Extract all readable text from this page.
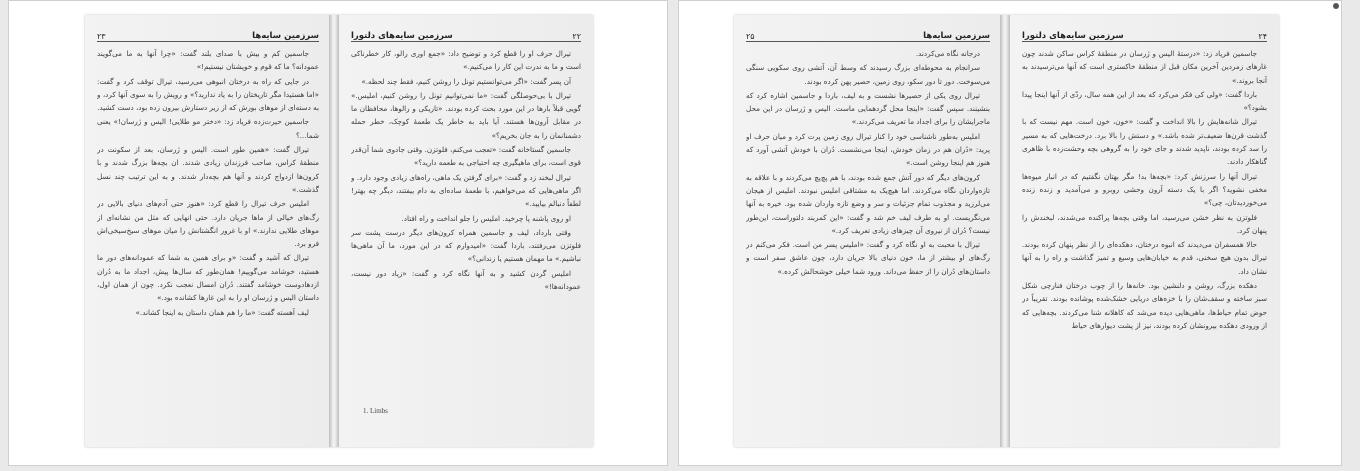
سرزمین سایه‌ها
۲۳

جاسمین کم و بیش با صدای بلند گفت: «چرا آنها به ما می‌گویند عمودانه؟ ما که قوم و خویشتان نیستیم!»

در جایی که راه به درختان انبوهی می‌رسید، تیرال توقف کرد و گفت: «اما هستیدا مگر تاریختان را به یاد ندارید؟» و رویش را به سوی آنها کرد، و به دسته‌ای از موهای بورش که از زیر دستارش بیرون زده بود، دست کشید.

جاسمین حیرت‌زده فریاد زد: «دختر مو طلایی! الیس و ژرسان!» یعنی شما...؟

تیرال گفت: «همین طور است. الیس و ژرسان، بعد از سکونت در منطقهٔ کراس، صاحب فرزندان زیادی شدند. ان بچه‌ها بزرگ شدند و با کرون‌ها ازدواج کردند و آنها هم بچه‌دار شدند. و به این ترتیب چند نسل گذشت.»

املیس حرف تیرال را قطع کرد: «هنوز حتی آدم‌های دنیای بالایی در رگ‌های خیالی از ماها جریان دارد. حتی انهایی که مثل من نشانه‌ای از موهای طلایی ندارند.» او با غرور انگشتانش را میان موهای سیخ‌سیخی‌اش فرو برد.

تیرال که آشید و گفت: «و برای همین به شما که عمودانه‌های دور ما هستید، خوشامد می‌گوییم! همان‌طور که سال‌ها پیش، اجداد ما به دُران ازدهادوست خوشامد گفتند. دُران امسال نعجب نکرد. چون از همان اول، داستان الیس و ژرسان او را به این غارها کشانده بود.»

لیف آهسته گفت: «ما را هم همان داستان به اینجا کشاند.»

۲۲
سرزمین سایه‌های دلتورا

تیرال حرف او را قطع کرد و توضیح داد: «جمع اوری رالو، کار خطرناکی است و ما به ندرت این کار را می‌کنیم.»

آن پسر گفت: «اگر می‌توانستیم تونل را روشن کنیم، فقط چند لحظه.»

تیرال با بی‌حوصلگی گفت: «ما نمی‌توانیم تونل را روشن کنیم، املیس.» گویی قبلاً بارها در این مورد بحث کرده بودند. «تاریکی و رالوها، محافظان ما در مقابل آرون‌ها هستند. آیا باید به خاطر یک طعمهٔ کوچک، خطر حمله دشمنانمان را به جان بخریم؟»

جاسمین گستاخانه گفت: «تعجب می‌کنم، فلوتزن. وقتی جادوی شما آن‌قدر قوی است، برای ماهیگیری چه احتیاجی به طعمه دارید؟»

تیرال لبخند زد و گفت: «برای گرفتن یک ماهی، راه‌های زیادی وجود دارد. و اگر ماهی‌هایی که می‌خواهیم، با طعمهٔ ساده‌ای به دام بیفتند، دیگر چه بهتر! لطفاً دنبالم بیایید.»

او روی پاشنه پا چرخید. املیس را جلو انداخت و راه افتاد.

وقتی بارداد، لیف و جاسمین همراه کرون‌های دیگر درست پشت سر فلوتزن می‌رفتند، باردا گفت: «امیدوارم که در این مورد، ما آن ماهی‌ها نباشیم.» ما مهمان هستیم یا زندانی؟»

املیس گردن کشید و به آنها نگاه کرد و گفت: «زیاد دور نیست، عمودانه‌ها!»

1. Limbs
سرزمین سایه‌ها
۲۵

درجانه نگاه می‌کردند.

سرانجام به محوطه‌ای بزرگ رسیدند که وسط آن، آتشی روی سکویی سنگی می‌سوخت. دور تا دور سکو، روی زمین، حصیر پهن کرده بودند.

تیرال روی یکی از حصیرها نشست و به لیف، باردا و جاسمین اشاره کرد که بنشینند. سپس گفت: «اینجا محل گردهمایی ماست. الیس و ژرسان در این محل ماجرایشان را برای اجداد ما تعریف می‌کردند.»

املیس به‌طور ناشناسی خود را کنار تیرال روی زمین پرت کرد و میان حرف او پرید: «دُران هم در زمان خودش، اینجا می‌نشست. دُران با خودش آتشی آورد که هنوز هم اینجا روشن است.»

کرون‌های دیگر که دور آتش جمع شده بودند، با هم پچ‌پچ می‌کردند و با علاقه به تازه‌واردان نگاه می‌کردند. اما هیچ‌یک به مشتاقی املیس نبودند. املیس از هیجان می‌لرزید و مجذوب تمام جزئیات و سر و وضع تازه واردان شده بود. خیره به آنها می‌نگریست. او به طرف لیف خم شد و گفت: «این کمربند دلتوراست، این‌طور نیست؟ دُران از نیروی آن چیزهای زیادی تعریف کرد.»

تیرال با محبت به او نگاه کرد و گفت: «املیس پسر من است. فکر می‌کنم در رگ‌های او بیشتر از ما، خون دنیای بالا جریان دارد، چون عاشق سفر است و داستان‌های دُران را از حفظ می‌داند. ورود شما خیلی خوشحالش کرده.»

۲۴
سرزمین سایه‌های دلتورا

جاسمین فریاد زد: «درستهٔ الیس و ژرسان در منطقهٔ کراس ساکن شدند چون غارهای زمردین آخرین مکان قبل از منطقهٔ خاکستری است که آنها می‌ترسیدند به آنجا بروند.»

باردا گفت: «ولی کی فکر می‌کرد که بعد از این همه سال، ردّی از آنها اینجا پیدا بشود؟»

تیرال شانه‌هایش را بالا انداخت و گفت: «خون، خون است. مهم نیست که با گذشت قرن‌ها ضعیف‌تر شده باشد.» و دستش را بالا برد. درخت‌هایی که به مسیر را سد کرده بودند، ناپدید شدند و جای خود را به گروهی بچه وحشت‌زده با ظاهری گناهکار دادند.

تیرال آنها را سرزنش کرد: «بچه‌ها بد! مگر بهتان نگفتیم که در انبار میوه‌ها مخفی نشوید؟ اگر با یک دسته آرون وحشی روبرو و می‌آمدید و زنده زنده می‌خوردیدتان، چی؟»

فلوتزن به نظر خشن می‌رسید، اما وقتی بچه‌ها پراکنده می‌شدند، لبخندش را پنهان کرد.

حالا همسفران می‌دیدند که انبوه درختان، دهکده‌ای را از نظر پنهان کرده بودند. تیرال بدون هیچ سخنی، قدم به خیابان‌هایی وسیع و تمیز گذاشت و راه را به آنها نشان داد.

دهکده بزرگ، روشن و دلنشین بود. خانه‌ها را از چوب درختان فنارچی شکل سبز ساخته و سقف‌شان را با خزه‌های دریایی خشک‌شده پوشانده بودند. تقریباً در حوض تمام حیاط‌ها، ماهی‌هایی دیده می‌شد که کاهلانه شنا می‌کردند. بچه‌هایی که از ورودی دهکده بیرونشان کرده بودند، نیز از پشت دیوارهای حیاط
